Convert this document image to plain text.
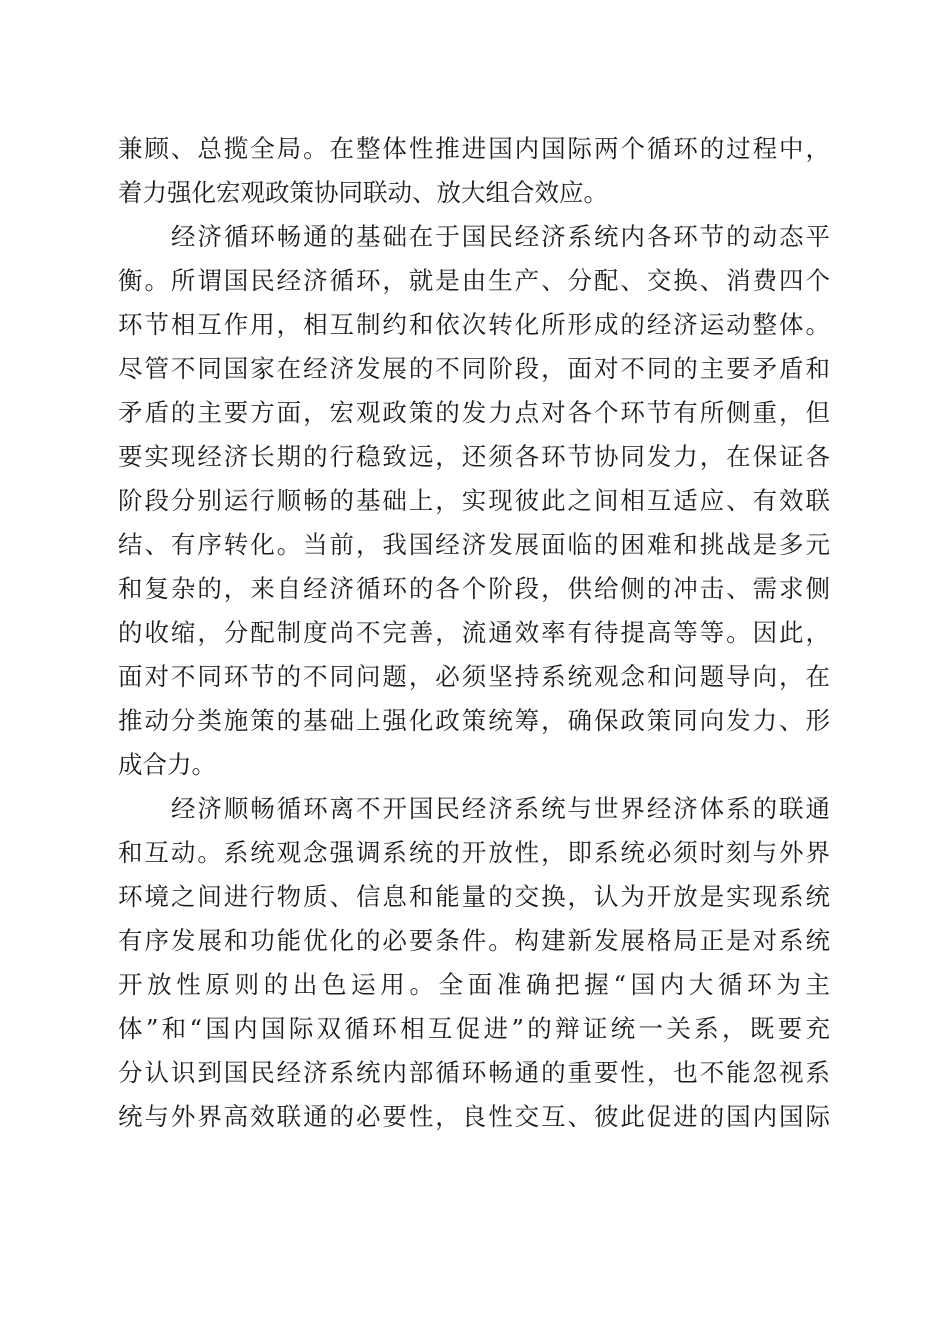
兼顾、总揽全局。在整体性推进国内国际两个循环的过程中，
着力强化宏观政策协同联动、放大组合效应。
经济循环畅通的基础在于国民经济系统内各环节的动态平
衡。所谓国民经济循环，就是由生产、分配、交换、消费四个
环节相互作用，相互制约和依次转化所形成的经济运动整体。
尽管不同国家在经济发展的不同阶段，面对不同的主要矛盾和
矛盾的主要方面，宏观政策的发力点对各个环节有所侧重，但
要实现经济长期的行稳致远，还须各环节协同发力，在保证各
阶段分别运行顺畅的基础上，实现彼此之间相互适应、有效联
结、有序转化。当前，我国经济发展面临的困难和挑战是多元
和复杂的，来自经济循环的各个阶段，供给侧的冲击、需求侧
的收缩，分配制度尚不完善，流通效率有待提高等等。因此，
面对不同环节的不同问题，必须坚持系统观念和问题导向，在
推动分类施策的基础上强化政策统筹，确保政策同向发力、形
成合力。
经济顺畅循环离不开国民经济系统与世界经济体系的联通
和互动。系统观念强调系统的开放性，即系统必须时刻与外界
环境之间进行物质、信息和能量的交换，认为开放是实现系统
有序发展和功能优化的必要条件。构建新发展格局正是对系统
开放性原则的出色运用。全面准确把握“国内大循环为主
体”和“国内国际双循环相互促进”的辩证统一关系，既要充
分认识到国民经济系统内部循环畅通的重要性，也不能忽视系
统与外界高效联通的必要性，良性交互、彼此促进的国内国际
